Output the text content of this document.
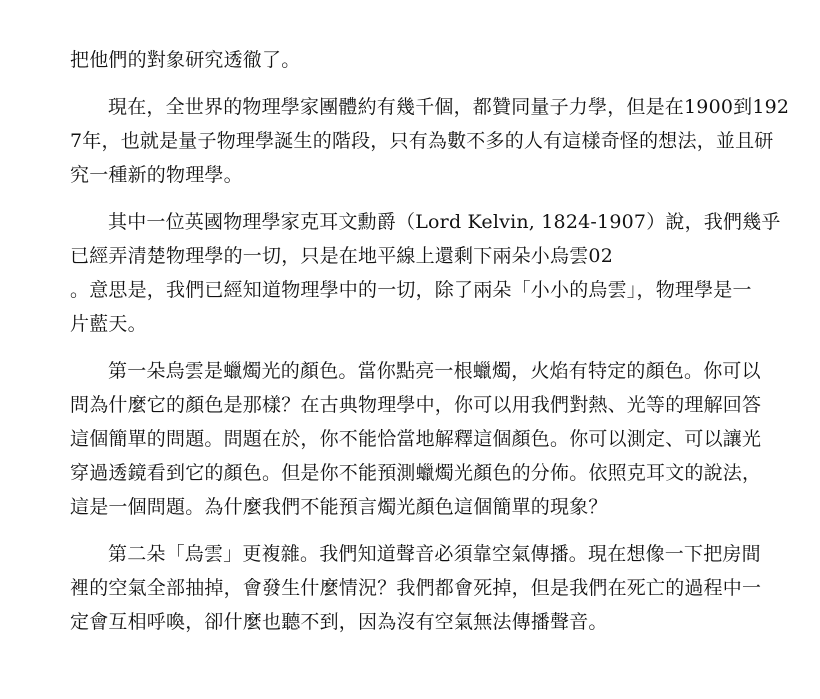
把他們的對象研究透徹了。
現在，全世界的物理學家團體約有幾千個，都贊同量子力學，但是在1900到192
7年，也就是量子物理學誕生的階段，只有為數不多的人有這樣奇怪的想法，並且研
究一種新的物理學。
其中一位英國物理學家克耳文勳爵（Lord Kelvin, 1824-1907）說，我們幾乎
已經弄清楚物理學的一切，只是在地平線上還剩下兩朵小烏雲02
。意思是，我們已經知道物理學中的一切，除了兩朵「小小的烏雲」，物理學是一
片藍天。
第一朵烏雲是蠟燭光的顏色。當你點亮一根蠟燭，火焰有特定的顏色。你可以
問為什麼它的顏色是那樣？在古典物理學中，你可以用我們對熱、光等的理解回答
這個簡單的問題。問題在於，你不能恰當地解釋這個顏色。你可以測定、可以讓光
穿過透鏡看到它的顏色。但是你不能預測蠟燭光顏色的分佈。依照克耳文的說法，
這是一個問題。為什麼我們不能預言燭光顏色這個簡單的現象？
第二朵「烏雲」更複雜。我們知道聲音必須靠空氣傳播。現在想像一下把房間
裡的空氣全部抽掉，會發生什麼情況？我們都會死掉，但是我們在死亡的過程中一
定會互相呼喚，卻什麼也聽不到，因為沒有空氣無法傳播聲音。
